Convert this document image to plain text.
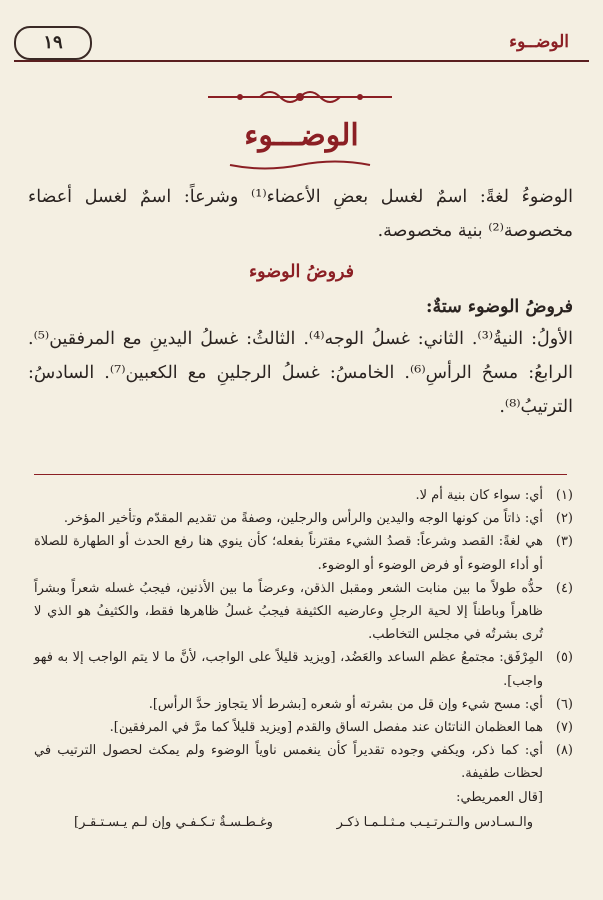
١٩	الوضــوء
الوضـــوء
الوضوءُ لغةً: اسمٌ لغسل بعضِ الأعضاء⁽¹⁾ وشرعاً: اسمٌ لغسل أعضاء مخصوصة⁽²⁾ بنية مخصوصة.
فروضُ الوضوء
فروضُ الوضوء ستةٌ:
الأولُ: النيةُ⁽³⁾. الثاني: غسلُ الوجه⁽⁴⁾. الثالثُ: غسلُ اليدينِ مع المرفقين⁽⁵⁾. الرابعُ: مسحُ الرأسِ⁽⁶⁾. الخامسُ: غسلُ الرجلينِ مع الكعبين⁽⁷⁾. السادسُ: الترتيبُ⁽⁸⁾.
(١)
أي: سواء كان بنية أم لا.
(٢)
أي: ذاتاً من كونها الوجه واليدين والرأس والرجلين، وصفةً من تقديم المقدّم وتأخير المؤخر.
(٣)
هي لغةً: القصد وشرعاً: قصدُ الشيء مقترناً بفعله؛ كأن ينوي هنا رفع الحدث أو الطهارة للصلاة أو أداء الوضوء أو فرض الوضوء أو الوضوء.
(٤)
حدُّه طولاً ما بين منابت الشعر ومقبل الذقن، وعرضاً ما بين الأذنين، فيجبُ غسله شعراً وبشراً ظاهراً وباطناً إلا لحية الرجلِ وعارضيه الكثيفة فيجبُ غسلُ ظاهرها فقط، والكثيفُ هو الذي لا تُرى بشرتُه في مجلس التخاطب.
(٥)
المِرْفَق: مجتمعُ عظم الساعد والعَضُد، [ويزيد قليلاً على الواجب، لأنَّ ما لا يتم الواجب إلا به فهو واجب].
(٦)
أي: مسح شيء وإن قل من بشرته أو شعره [بشرط ألا يتجاوز حدَّ الرأس].
(٧)
هما العظمان الناتئان عند مفصل الساق والقدم [ويزيد قليلاً كما مرَّ في المرفقين].
(٨)
أي: كما ذكر، ويكفي وجوده تقديراً كأن ينغمس ناوياً الوضوء ولم يمكث لحصول الترتيب في لحظات طفيفة.
[قال العمريطي:
والـسـادس والـتـرتـيـب مـثـلـمـا ذكـر
وغـطـسـةٌ تـكـفـي وإن لـم يـسـتـقـر]
